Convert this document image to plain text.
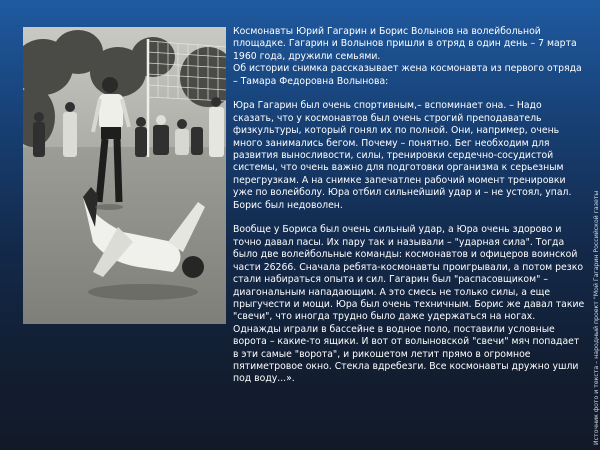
Космонавты Юрий Гагарин и Борис Волынов на волейбольной площадке. Гагарин и Волынов пришли в отряд в один день – 7 марта 1960 года, дружили семьями.

Об истории снимка рассказывает жена космонавта из первого отряда – Тамара Федоровна Волынова:

Юра Гагарин был очень спортивным,– вспоминает она. – Надо сказать, что у космонавтов был очень строгий преподаватель физкультуры, который гонял их по полной. Они, например, очень много занимались бегом. Почему – понятно. Бег необходим для развития выносливости, силы, тренировки сердечно-сосудистой системы, что очень важно для подготовки организма к серьезным перегрузкам. А на снимке запечатлен рабочий момент тренировки уже по волейболу. Юра отбил сильнейший удар и – не устоял, упал. Борис был недоволен.

Вообще у Бориса был очень сильный удар, а Юра очень здорово и точно давал пасы. Их пару так и называли – "ударная сила". Тогда было две волейбольные команды: космонавтов и офицеров воинской части 26266. Сначала ребята-космонавты проигрывали, а потом резко стали набираться опыта и сил. Гагарин был "распасовщиком" – диагональным нападающим. А это смесь не только силы, а еще прыгучести и мощи. Юра был очень техничным. Борис же давал такие "свечи", что иногда трудно было даже удержаться на ногах. Однажды играли в бассейне в водное поло, поставили условные ворота – какие-то ящики. И вот от волыновской "свечи" мяч попадает в эти самые "ворота", и рикошетом летит прямо в огромное пятиметровое окно. Стекла вдребезги. Все космонавты дружно ушли под воду...».	Источник фото и текста – народный проект "Мой Гагарин Российской газеты
